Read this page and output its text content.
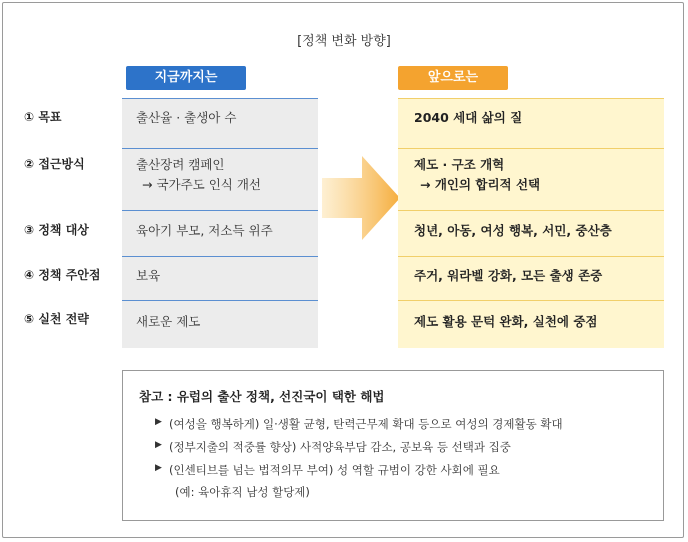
[정책 변화 방향]
지금까지는	앞으로는
① 목표
② 접근방식
③ 정책 대상
④ 정책 주안점
⑤ 실천 전략
출산율 · 출생아 수
출산장려 캠페인
→ 국가주도 인식 개선
육아기 부모, 저소득 위주
보육
새로운 제도
2040 세대 삶의 질
제도 · 구조 개혁
→ 개인의 합리적 선택
청년, 아동, 여성 행복, 서민, 중산층
주거, 워라벨 강화, 모든 출생 존중
제도 활용 문턱 완화, 실천에 중점
참고 : 유럽의 출산 정책, 선진국이 택한 해법
▶ (여성을 행복하게) 일·생활 균형, 탄력근무제 확대 등으로 여성의 경제활동 확대
▶ (정부지출의 적중률 향상) 사적양육부담 감소, 공보육 등 선택과 집중
▶ (인센티브를 넘는 법적의무 부여) 성 역할 규범이 강한 사회에 필요
(예: 육아휴직 남성 할당제)
